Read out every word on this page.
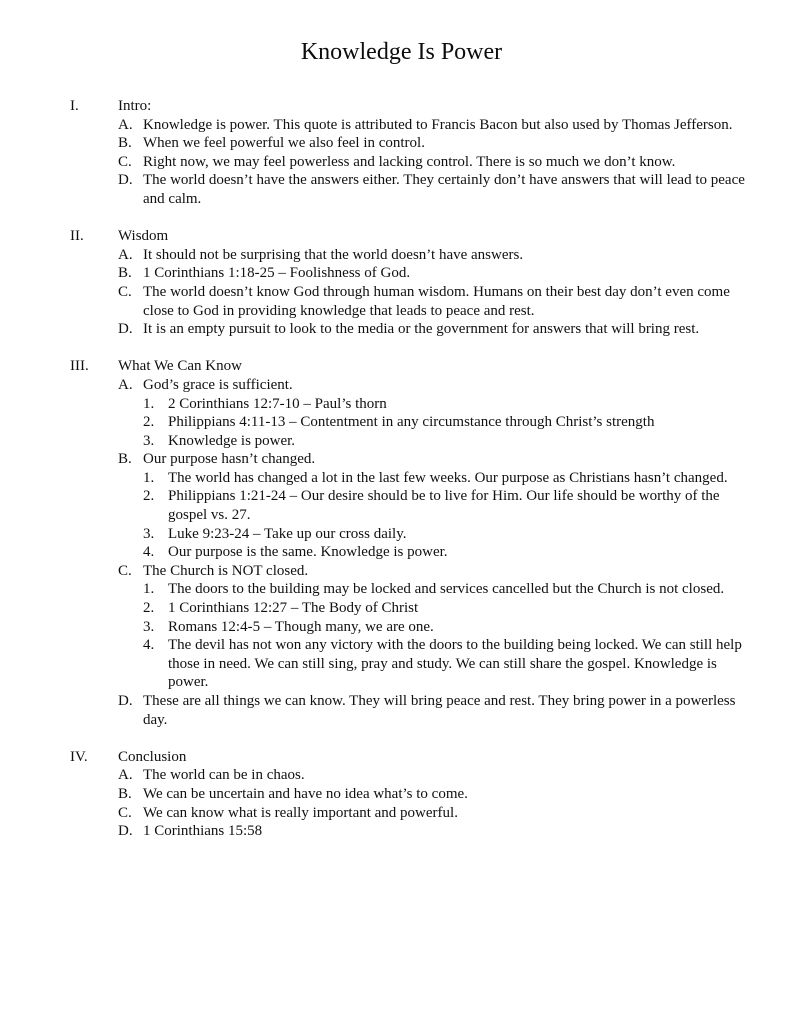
Knowledge Is Power
I.	Intro:
A. Knowledge is power. This quote is attributed to Francis Bacon but also used by Thomas Jefferson.
B. When we feel powerful we also feel in control.
C. Right now, we may feel powerless and lacking control. There is so much we don’t know.
D. The world doesn’t have the answers either. They certainly don’t have answers that will lead to peace and calm.
II.	Wisdom
A. It should not be surprising that the world doesn’t have answers.
B. 1 Corinthians 1:18-25 – Foolishness of God.
C. The world doesn’t know God through human wisdom. Humans on their best day don’t even come close to God in providing knowledge that leads to peace and rest.
D. It is an empty pursuit to look to the media or the government for answers that will bring rest.
III.	What We Can Know
A. God’s grace is sufficient.
1. 2 Corinthians 12:7-10 – Paul’s thorn
2. Philippians 4:11-13 – Contentment in any circumstance through Christ’s strength
3. Knowledge is power.
B. Our purpose hasn’t changed.
1. The world has changed a lot in the last few weeks. Our purpose as Christians hasn’t changed.
2. Philippians 1:21-24 – Our desire should be to live for Him. Our life should be worthy of the gospel vs. 27.
3. Luke 9:23-24 – Take up our cross daily.
4. Our purpose is the same. Knowledge is power.
C. The Church is NOT closed.
1. The doors to the building may be locked and services cancelled but the Church is not closed.
2. 1 Corinthians 12:27 – The Body of Christ
3. Romans 12:4-5 – Though many, we are one.
4. The devil has not won any victory with the doors to the building being locked. We can still help those in need. We can still sing, pray and study. We can still share the gospel. Knowledge is power.
D. These are all things we can know. They will bring peace and rest. They bring power in a powerless day.
IV.	Conclusion
A. The world can be in chaos.
B. We can be uncertain and have no idea what’s to come.
C. We can know what is really important and powerful.
D. 1 Corinthians 15:58
